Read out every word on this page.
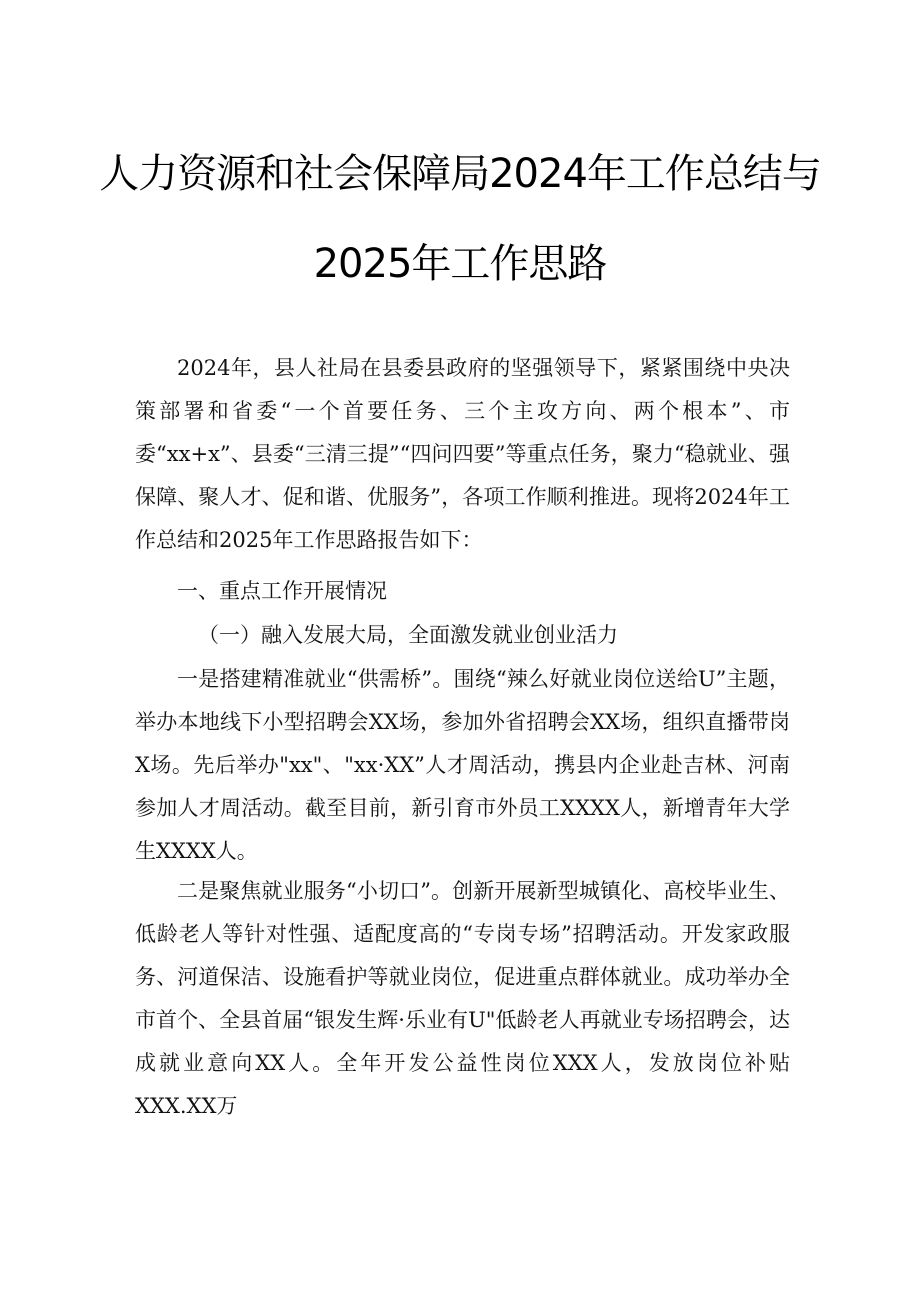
人力资源和社会保障局2024年工作总结与
2025年工作思路

2024年，县人社局在县委县政府的坚强领导下，紧紧围绕中央决策部署和省委“一个首要任务、三个主攻方向、两个根本”、市委“xx+x”、县委“三清三提”“四问四要”等重点任务，聚力“稳就业、强保障、聚人才、促和谐、优服务”，各项工作顺利推进。现将2024年工作总结和2025年工作思路报告如下：

一、重点工作开展情况

（一）融入发展大局，全面激发就业创业活力

一是搭建精准就业“供需桥”。围绕“辣么好就业岗位送给U”主题，举办本地线下小型招聘会XX场，参加外省招聘会XX场，组织直播带岗X场。先后举办"xx"、"xx·XX”人才周活动，携县内企业赴吉林、河南参加人才周活动。截至目前，新引育市外员工XXXX人，新增青年大学生XXXX人。

二是聚焦就业服务“小切口”。创新开展新型城镇化、高校毕业生、低龄老人等针对性强、适配度高的“专岗专场”招聘活动。开发家政服务、河道保洁、设施看护等就业岗位，促进重点群体就业。成功举办全市首个、全县首届“银发生辉·乐业有U"低龄老人再就业专场招聘会，达成就业意向XX人。全年开发公益性岗位XXX人，发放岗位补贴XXX.XX万
